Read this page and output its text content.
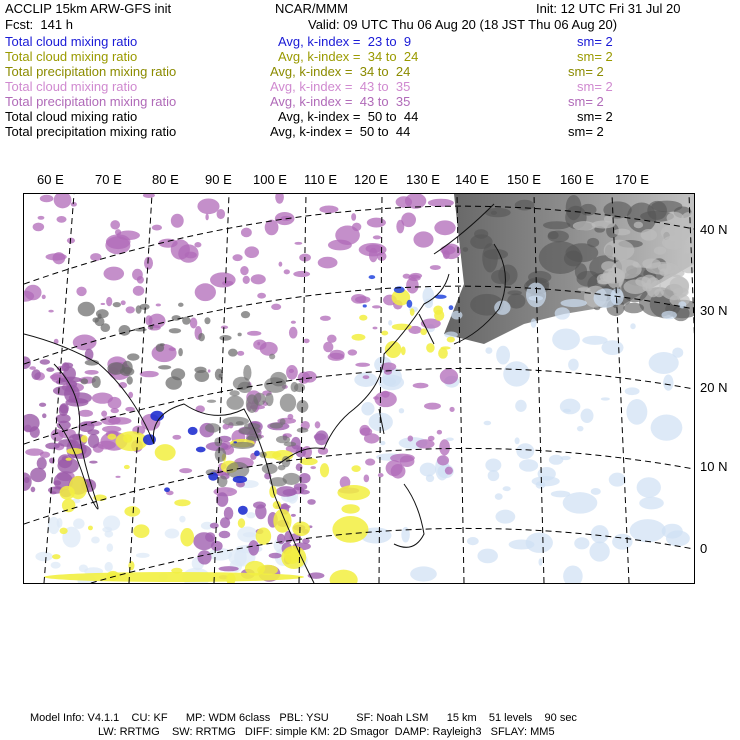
ACCLIP 15km ARW-GFS init	NCAR/MMM	Init: 12 UTC Fri 31 Jul 20
Fcst:  141 h	Valid: 09 UTC Thu 06 Aug 20 (18 JST Thu 06 Aug 20)
Total cloud mixing ratio	Avg, k-index =  23 to  9	sm= 2
Total cloud mixing ratio	Avg, k-index =  34 to  24	sm= 2
Total precipitation mixing ratio	Avg, k-index =  34 to  24	sm= 2
Total cloud mixing ratio	Avg, k-index =  43 to  35	sm= 2
Total precipitation mixing ratio	Avg, k-index =  43 to  35	sm= 2
Total cloud mixing ratio	Avg, k-index =  50 to  44	sm= 2
Total precipitation mixing ratio	Avg, k-index =  50 to  44	sm= 2
60 E 70 E 80 E 90 E 100 E 110 E 120 E 130 E 140 E 150 E 160 E 170 E
40 N
30 N
20 N
10 N
0
Model Info: V4.1.1    CU: KF      MP: WDM 6class   PBL: YSU         SF: Noah LSM      15 km    51 levels    90 sec
LW: RRTMG    SW: RRTMG   DIFF: simple KM: 2D Smagor  DAMP: Rayleigh3   SFLAY: MM5
